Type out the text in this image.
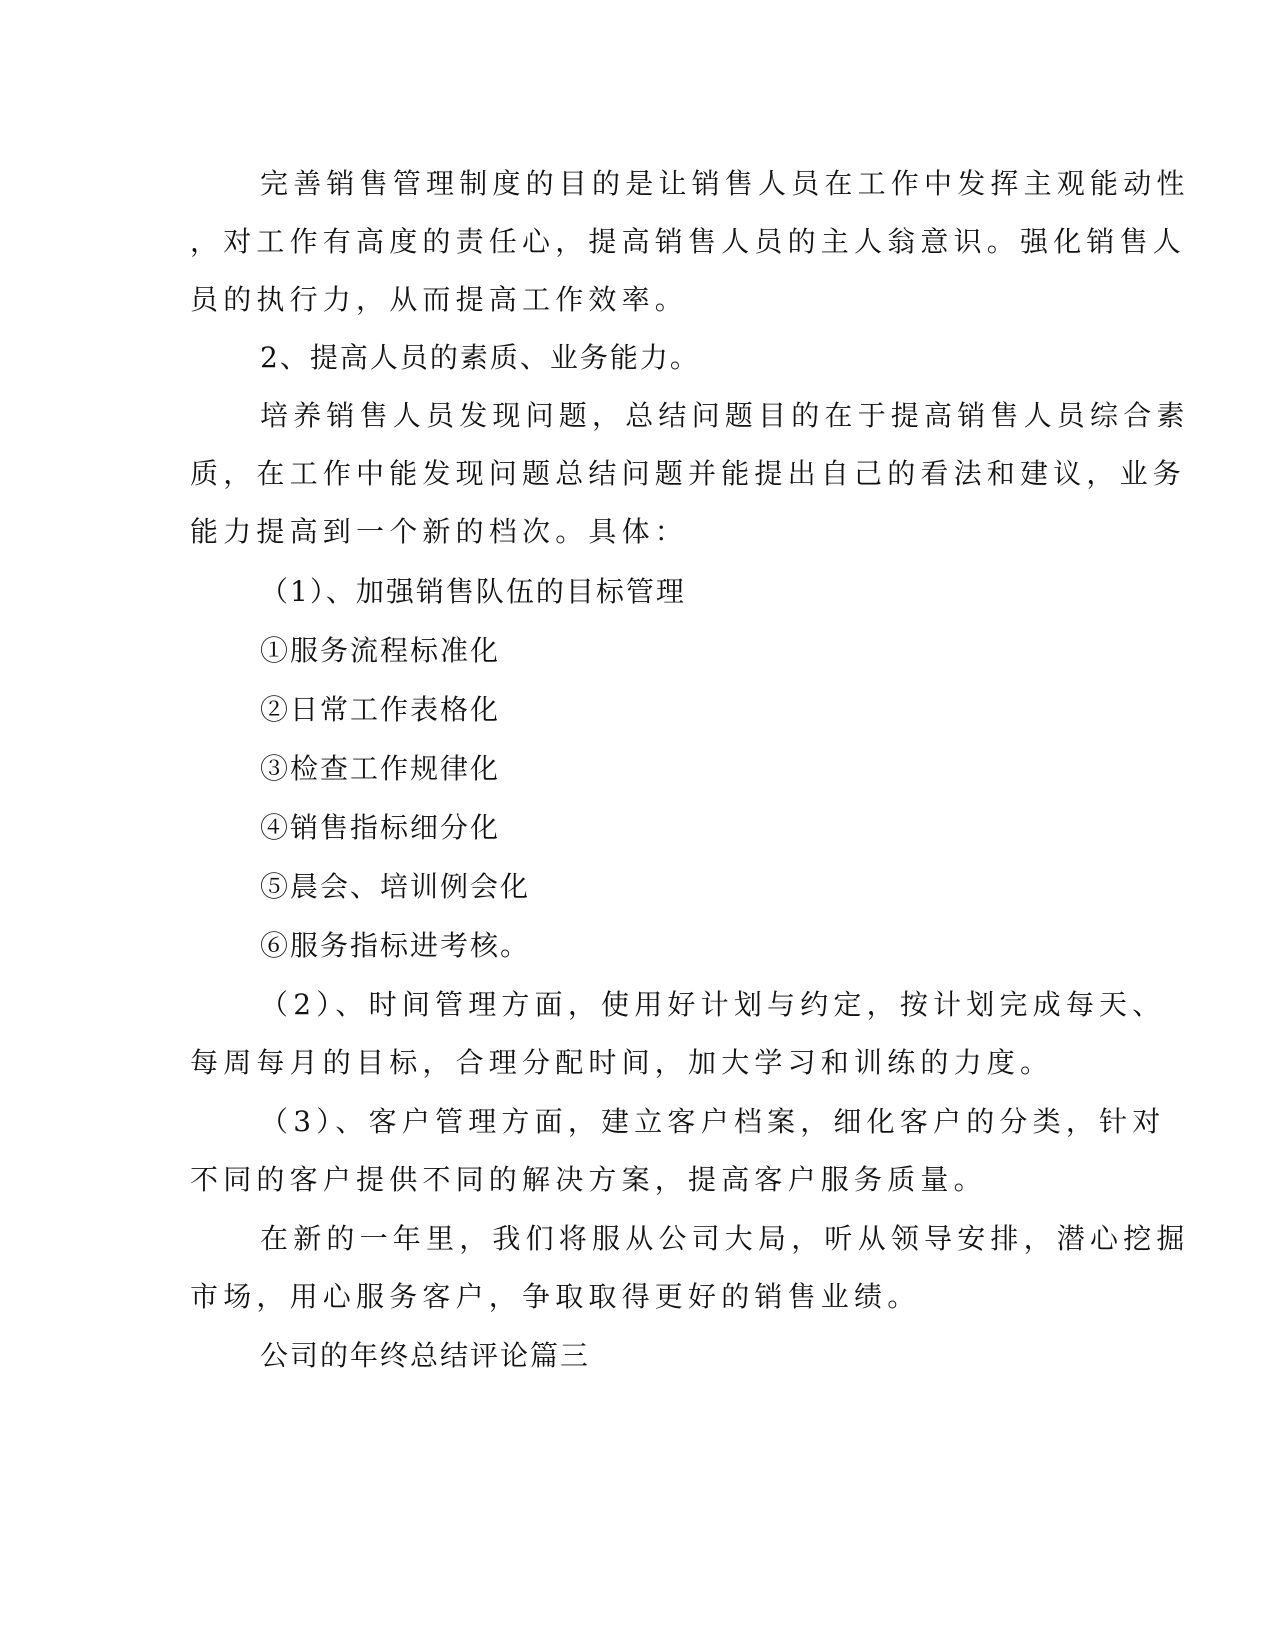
完善销售管理制度的目的是让销售人员在工作中发挥主观能动性
，对工作有高度的责任心，提高销售人员的主人翁意识。强化销售人
员的执行力，从而提高工作效率。
2、提高人员的素质、业务能力。
培养销售人员发现问题，总结问题目的在于提高销售人员综合素
质，在工作中能发现问题总结问题并能提出自己的看法和建议，业务
能力提高到一个新的档次。具体：
（1）、加强销售队伍的目标管理
①服务流程标准化
②日常工作表格化
③检查工作规律化
④销售指标细分化
⑤晨会、培训例会化
⑥服务指标进考核。
（2）、时间管理方面，使用好计划与约定，按计划完成每天、
每周每月的目标，合理分配时间，加大学习和训练的力度。
（3）、客户管理方面，建立客户档案，细化客户的分类，针对
不同的客户提供不同的解决方案，提高客户服务质量。
在新的一年里，我们将服从公司大局，听从领导安排，潜心挖掘
市场，用心服务客户，争取取得更好的销售业绩。
公司的年终总结评论篇三
